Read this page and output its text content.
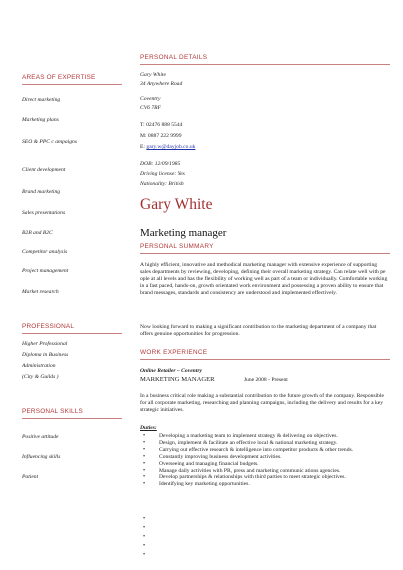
AREAS OF EXPERTISE
Direct marketing
Marketing plans
SEO & PPC c ampaigns
Client development
Brand marketing
Sales presentations
B2B and B2C
Competitor analysis
Project management
Market research
PROFESSIONAL
Higher Professional
Diploma in Business
Administration
(City & Guilds )
PERSONAL SKILLS
Positive attitude
Influencing skills
Patient
PERSONAL DETAILS
Gary White
34 Anywhere Road
Coventry
CV6 7RF
T: 02476 888 5544
M: 0887 222 9999
E: gary.w@dayjob.co.uk
DOB: 12/09/1985
Driving license: Yes
Nationality: British
Gary White
Marketing manager
PERSONAL SUMMARY
A highly efficient, innovative and methodical marketing manager with extensive experience of supporting sales departments by reviewing, developing, defining their overall marketing strategy. Can relate well with pe ople at all levels and has the flexibility of working well as part of a team or individually. Comfortable working in a fast paced, hands-on, growth orientated work environment and possessing a proven ability to ensure that brand messages, standards and consistency are understood and implemented effectively.
Now looking forward to making a significant contribution to the marketing department of a company that offers genuine opportunities for progression.
WORK EXPERIENCE
Online Retailer – Coventry
MARKETING MANAGER	June 2008 - Present
In a business critical role making a substantial contribution to the future growth of the company. Responsible for all corporate marketing, researching and planning campaigns, including the delivery and results for a key strategic initiatives.
Duties:
• Developing a marketing team to implement strategy & delivering on objectives.
• Design, implement & facilitate an effective local & national marketing strategy.
• Carrying out effective research & intelligence into competitor products & other trends.
• Constantly improving business development activities.
• Overseeing and managing financial budgets.
• Manage daily activities with PR, press and marketing communic ations agencies.
• Develop partnerships & relationships with third parties to meet strategic objectives.
• Identifying key marketing opportunities.
•
•
•
•
•
